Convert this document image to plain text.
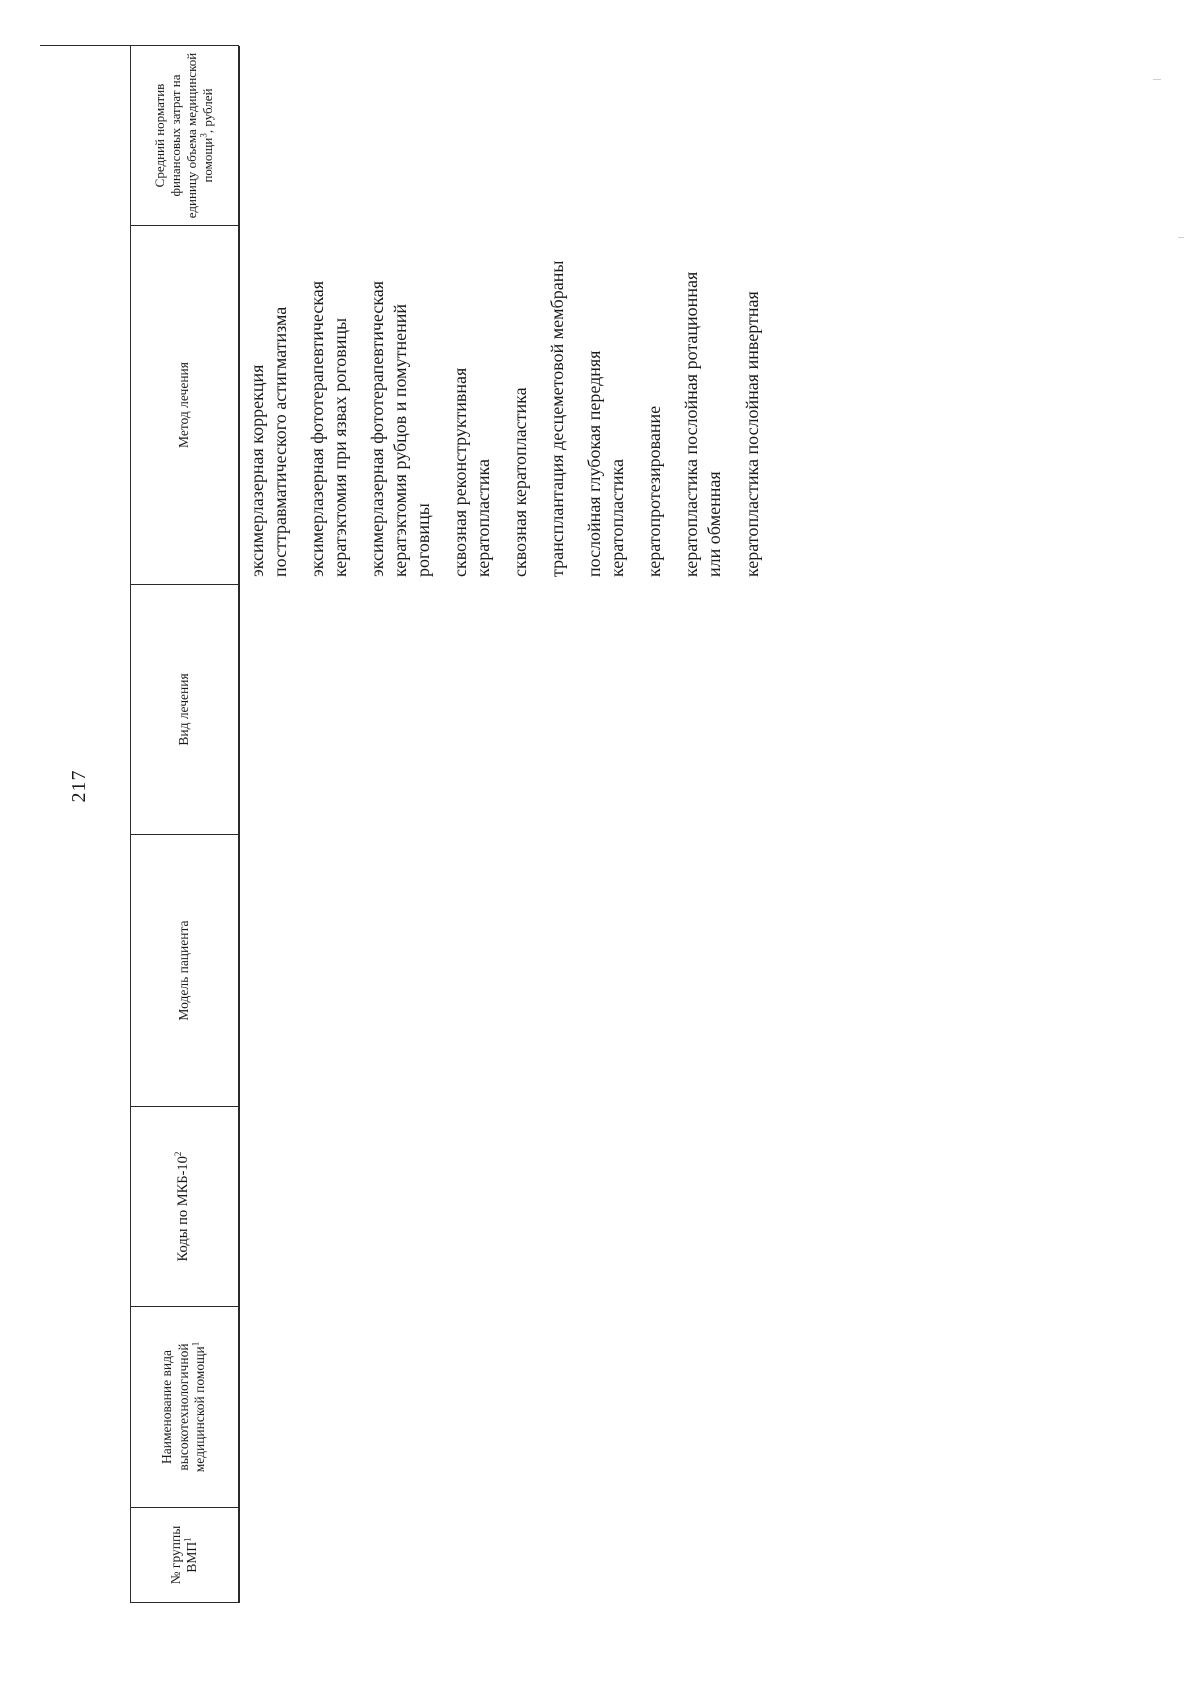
217
№ группы ВМП$^1$
Наименование вида высокотехнологичной медицинской помощи$^1$
Коды по МКБ-$10^2$
Модель пациента
Вид лечения
Метод лечения
Средний норматив финансовых затрат на единицу объема медицинской помощи$^3$, рублей
эксимерлазерная коррекция посттравматического астигматизма эксимерлазерная фототерапевтическая кератэктомия при язвах роговицы эксимерлазерная фототерапевтическая кератэктомия рубцов и помутнений роговицы сквозная реконструктивная кератопластика сквозная кератопластика трансплантация десцеметовой мембраны послойная глубокая передняя кератопластика кератопротезирование кератопластика послойная ротационная или обменная кератопластика послойная инвертная
